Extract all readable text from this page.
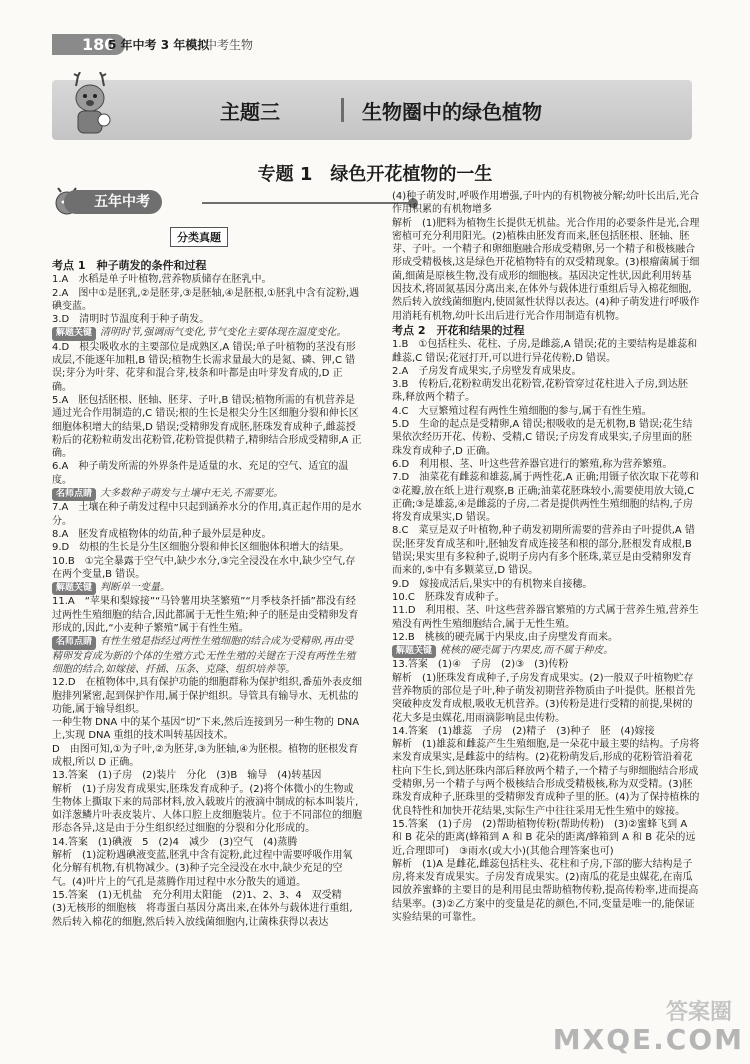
180
5 年中考 3 年模拟
中考生物
主题三	生物圈中的绿色植物
专题 1　绿色开花植物的一生
五年中考
分类真题

考点 1　种子萌发的条件和过程

1.A　水稻是单子叶植物,营养物质储存在胚乳中。

2.A　图中①是胚乳,②是胚芽,③是胚轴,④是胚根,①胚乳中含有淀粉,遇碘变蓝。

3.D　清明时节温度利于种子萌发。

解题关键 清明时节,强调雨气变化,节气变化主要体现在温度变化。

4.D　根尖吸收水的主要部位是成熟区,A 错误;单子叶植物的茎没有形成层,不能逐年加粗,B 错误;植物生长需求量最大的是氮、磷、钾,C 错误;芽分为叶芽、花芽和混合芽,枝条和叶都是由叶芽发育成的,D 正确。

5.A　胚包括胚根、胚轴、胚芽、子叶,B 错误;植物所需的有机营养是通过光合作用制造的,C 错误;根的生长是根尖分生区细胞分裂和伸长区细胞体积增大的结果,D 错误;受精卵发育成胚,胚珠发育成种子,雌蕊授粉后的花粉粒萌发出花粉管,花粉管提供精子,精卵结合形成受精卵,A 正确。

6.A　种子萌发所需的外界条件是适量的水、充足的空气、适宜的温度。

名师点睛 大多数种子萌发与土壤中无关,不需要光。

7.A　土壤在种子萌发过程中只起到涵养水分的作用,真正起作用的是水分。

8.A　胚发育成植物体的幼苗,种子最外层是种皮。

9.D　幼根的生长是分生区细胞分裂和伸长区细胞体积增大的结果。

10.B　①完全暴露于空气中,缺少水分,③完全浸没在水中,缺少空气,存在两个变量,B 错误。

解题关键 判断单一变量。

11.A　“苹果和梨嫁接”“马铃薯用块茎繁殖”“月季枝条扦插”都没有经过两性生殖细胞的结合,因此都属于无性生殖;种子的胚是由受精卵发育形成的,因此,“小麦种子繁殖”属于有性生殖。

名师点睛 有性生殖是指经过两性生殖细胞的结合成为受精卵,再由受精卵发育成为新的个体的生殖方式;无性生殖的关键在于没有两性生殖细胞的结合,如嫁接、扦插、压条、克隆、组织培养等。

12.D　在植物体中,具有保护功能的细胞群称为保护组织,番茄外表皮细胞排列紧密,起到保护作用,属于保护组织。导管具有输导水、无机盐的功能,属于输导组织。

一种生物 DNA 中的某个基因“切”下来,然后连接到另一种生物的 DNA 上,实现 DNA 重组的技术叫转基因技术。

D　由图可知,①为子叶,②为胚芽,③为胚轴,④为胚根。植物的胚根发育成根,所以 D 正确。

13.答案　(1)子房　(2)装片　分化　(3)B　输导　(4)转基因

解析　(1)子房发育成果实,胚珠发育成种子。(2)将个体微小的生物或生物体上撕取下来的局部材料,放入载玻片的液滴中制成的标本叫装片,如洋葱鳞片叶表皮装片、人体口腔上皮细胞装片。位于不同部位的细胞形态各异,这是由于分生组织经过细胞的分裂和分化形成的。

14.答案　(1)碘液　5　(2)4　减少　(3)空气　(4)蒸腾

解析　(1)淀粉遇碘液变蓝,胚乳中含有淀粉,此过程中需要呼吸作用氧化分解有机物,有机物减少。(3)种子完全浸没在水中,缺少充足的空气。(4)叶片上的气孔是蒸腾作用过程中水分散失的通道。

15.答案　(1)无机盐　充分利用太阳能　(2)1、2、3、4　双受精

(3)无核形的细胞核　将毒蛋白基因分离出来,在体外与载体进行重组,然后转入棉花的细胞,然后转入放线菌细胞内,让菌株获得以表达

(4)种子萌发时,呼吸作用增强,子叶内的有机物被分解;幼叶长出后,光合作用积累的有机物增多

解析　(1)肥料为植物生长提供无机盐。光合作用的必要条件是光,合理密植可充分利用阳光。(2)植株由胚发育而来,胚包括胚根、胚轴、胚芽、子叶。一个精子和卵细胞融合形成受精卵,另一个精子和极核融合形成受精极核,这是绿色开花植物特有的双受精现象。(3)根瘤菌属于细菌,细菌是原核生物,没有成形的细胞核。基因决定性状,因此利用转基因技术,将固氮基因分离出来,在体外与载体进行重组后导入棉花细胞,然后转入放线菌细胞内,使固氮性状得以表达。(4)种子萌发进行呼吸作用消耗有机物,幼叶长出后进行光合作用制造有机物。

考点 2　开花和结果的过程

1.B　①包括柱头、花柱、子房,是雌蕊,A 错误;花的主要结构是雄蕊和雌蕊,C 错误;花冠打开,可以进行异花传粉,D 错误。

2.A　子房发育成果实,子房壁发育成果皮。

3.B　传粉后,花粉粒萌发出花粉管,花粉管穿过花柱进入子房,到达胚珠,释放两个精子。

4.C　大豆繁殖过程有两性生殖细胞的参与,属于有性生殖。

5.D　生命的起点是受精卵,A 错误;根吸收的是无机物,B 错误;花生结果依次经历开花、传粉、受精,C 错误;子房发育成果实,子房里面的胚珠发育成种子,D 正确。

6.D　利用根、茎、叶这些营养器官进行的繁殖,称为营养繁殖。

7.D　油菜花有雌蕊和雄蕊,属于两性花,A 正确;用镊子依次取下花萼和②花瓣,放在纸上进行观察,B 正确;油菜花胚珠较小,需要使用放大镜,C 正确;③是雄蕊,④是雌蕊的子房,二者是提供两性生殖细胞的结构,子房将发育成果实,D 错误。

8.C　菜豆是双子叶植物,种子萌发初期所需要的营养由子叶提供,A 错误;胚芽发育成茎和叶,胚轴发育成连接茎和根的部分,胚根发育成根,B 错误;果实里有多粒种子,说明子房内有多个胚珠,菜豆是由受精卵发育而来的,⑤中有多颗菜豆,D 错误。

9.D　嫁接成活后,果实中的有机物来自接穗。

10.C　胚珠发育成种子。

11.D　利用根、茎、叶这些营养器官繁殖的方式属于营养生殖,营养生殖没有两性生殖细胞结合,属于无性生殖。

12.B　桃核的硬壳属于内果皮,由子房壁发育而来。

解题关键 桃核的硬壳属于内果皮,而不属于种皮。

13.答案　(1)④　子房　(2)③　(3)传粉

解析　(1)胚珠发育成种子,子房发育成果实。(2)一般双子叶植物贮存营养物质的部位是子叶,种子萌发初期营养物质由子叶提供。胚根首先突破种皮发育成根,吸收无机营养。(3)传粉是进行受精的前提,果树的花大多是虫媒花,用雨滴影响昆虫传粉。

14.答案　(1)雄蕊　子房　(2)精子　(3)种子　胚　(4)嫁接

解析　(1)雄蕊和雌蕊产生生殖细胞,是一朵花中最主要的结构。子房将来发育成果实,是雌蕊中的结构。(2)花粉萌发后,形成的花粉管沿着花柱向下生长,到达胚珠内部后释放两个精子,一个精子与卵细胞结合形成受精卵,另一个精子与两个极核结合形成受精极核,称为双受精。(3)胚珠发育成种子,胚珠里的受精卵发育成种子里的胚。(4)为了保持植株的优良特性和加快开花结果,实际生产中往往采用无性生殖中的嫁接。

15.答案　(1)子房　(2)帮助植物传粉(帮助传粉)　(3)②蜜蜂飞到 A 和 B 花朵的距离(蜂箱到 A 和 B 花朵的距离/蜂箱到 A 和 B 花朵的远近,合理即可)　③雨水(或大小)(其他合理答案也可)

解析　(1)A 是雌花,雌蕊包括柱头、花柱和子房,下部的膨大结构是子房,将来发育成果实。子房发育成果实。(2)南瓜的花是虫媒花,在南瓜园放养蜜蜂的主要目的是利用昆虫帮助植物传粉,提高传粉率,进而提高结果率。(3)②乙方案中的变量是花的颜色,不同,变量是唯一的,能保证实验结果的可靠性。

答案圈
MXQE.COM
